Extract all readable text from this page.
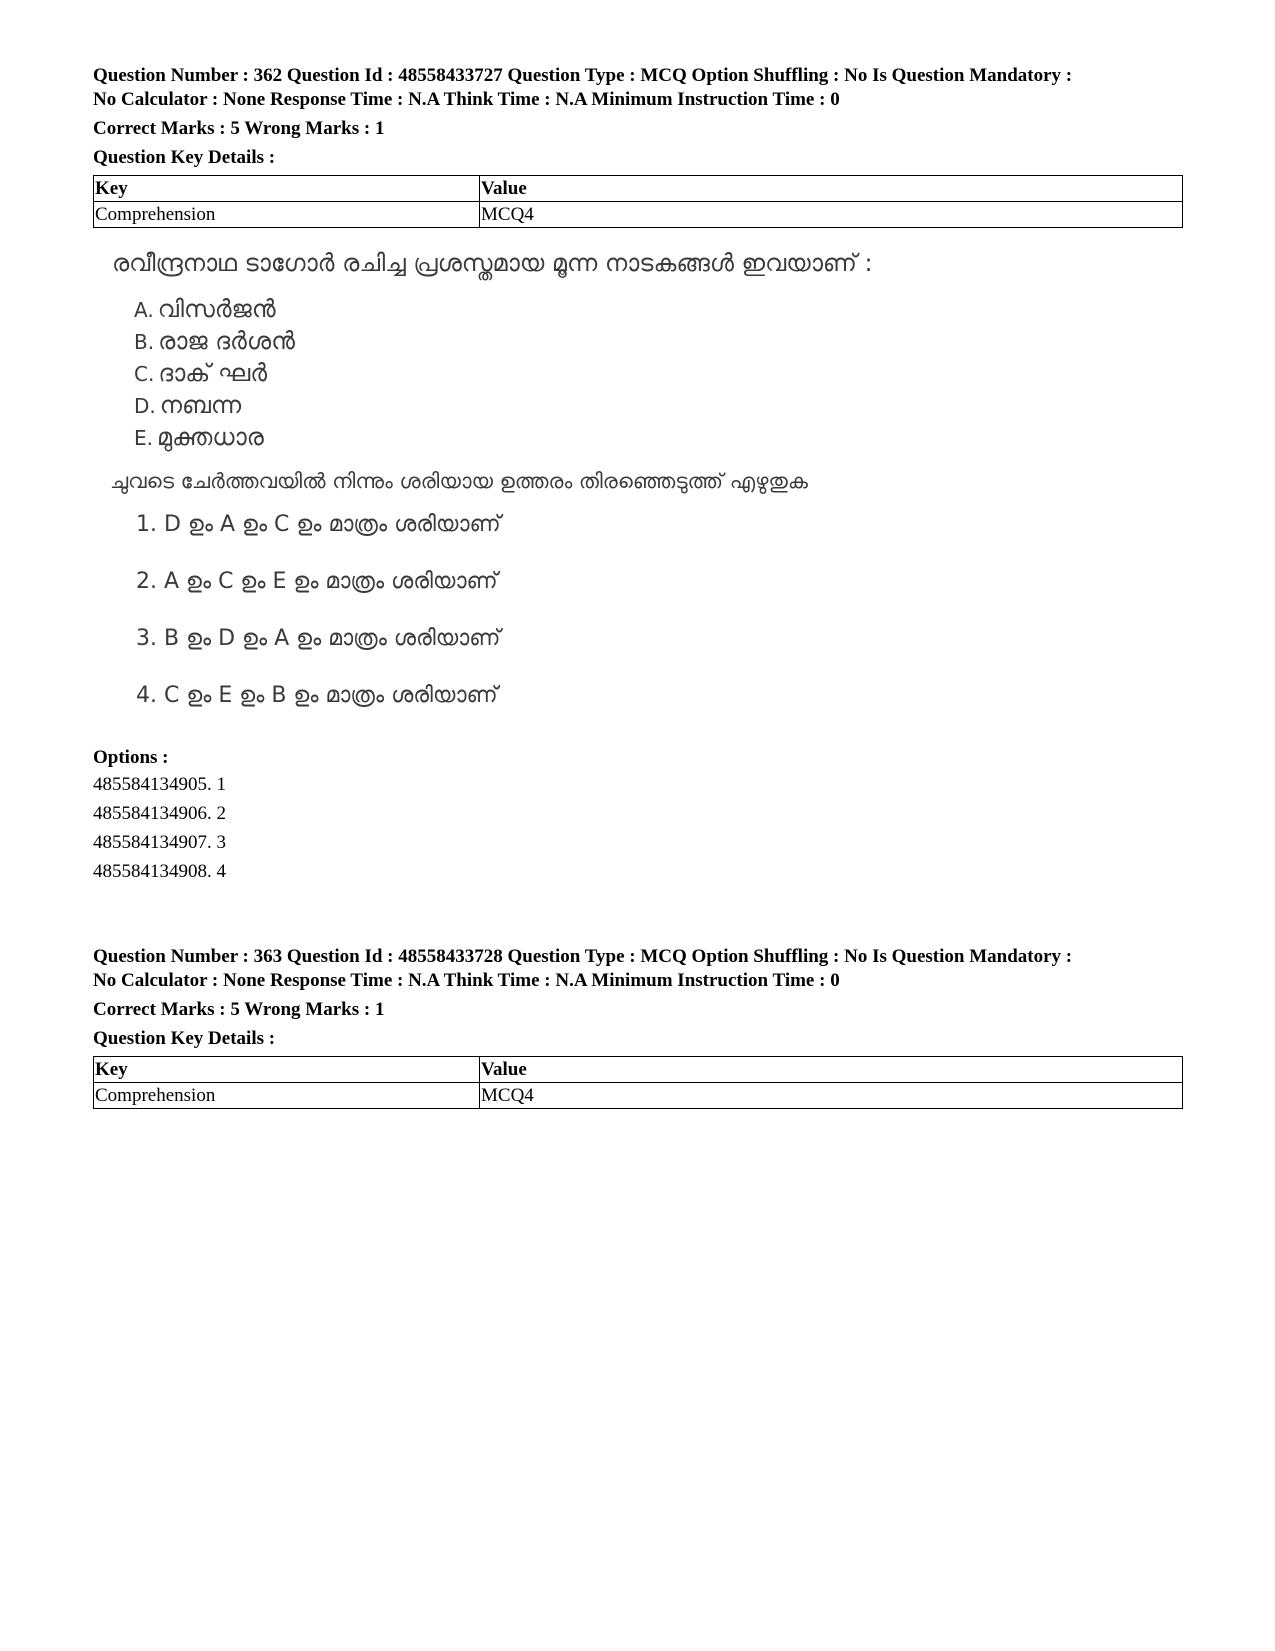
Question Number : 362 Question Id : 48558433727 Question Type : MCQ Option Shuffling : No Is Question Mandatory :
No Calculator : None Response Time : N.A Think Time : N.A Minimum Instruction Time : 0
Correct Marks : 5 Wrong Marks : 1
Question Key Details :
Key	Value
Comprehension	MCQ4
രവീന്ദ്രനാഥ ടാഗോർ രചിച്ച പ്രശസ്തമായ മൂന്ന നാടകങ്ങൾ ഇവയാണ് :
A. വിസർജൻ
B. രാജ ദർശൻ
C. ദാക് ഘർ
D. നബന്ന
E. മുക്തധാര
ചുവടെ ചേർത്തവയിൽ നിന്നും ശരിയായ ഉത്തരം തിരഞ്ഞെടുത്ത് എഴുതുക
1. D ഉം A ഉം C ഉം മാത്രം ശരിയാണ്
2. A ഉം C ഉം E ഉം മാത്രം ശരിയാണ്
3. B ഉം D ഉം A ഉം മാത്രം ശരിയാണ്
4. C ഉം E ഉം B ഉം മാത്രം ശരിയാണ്
Options :
485584134905. 1
485584134906. 2
485584134907. 3
485584134908. 4
Question Number : 363 Question Id : 48558433728 Question Type : MCQ Option Shuffling : No Is Question Mandatory :
No Calculator : None Response Time : N.A Think Time : N.A Minimum Instruction Time : 0
Correct Marks : 5 Wrong Marks : 1
Question Key Details :
Key	Value
Comprehension	MCQ4
